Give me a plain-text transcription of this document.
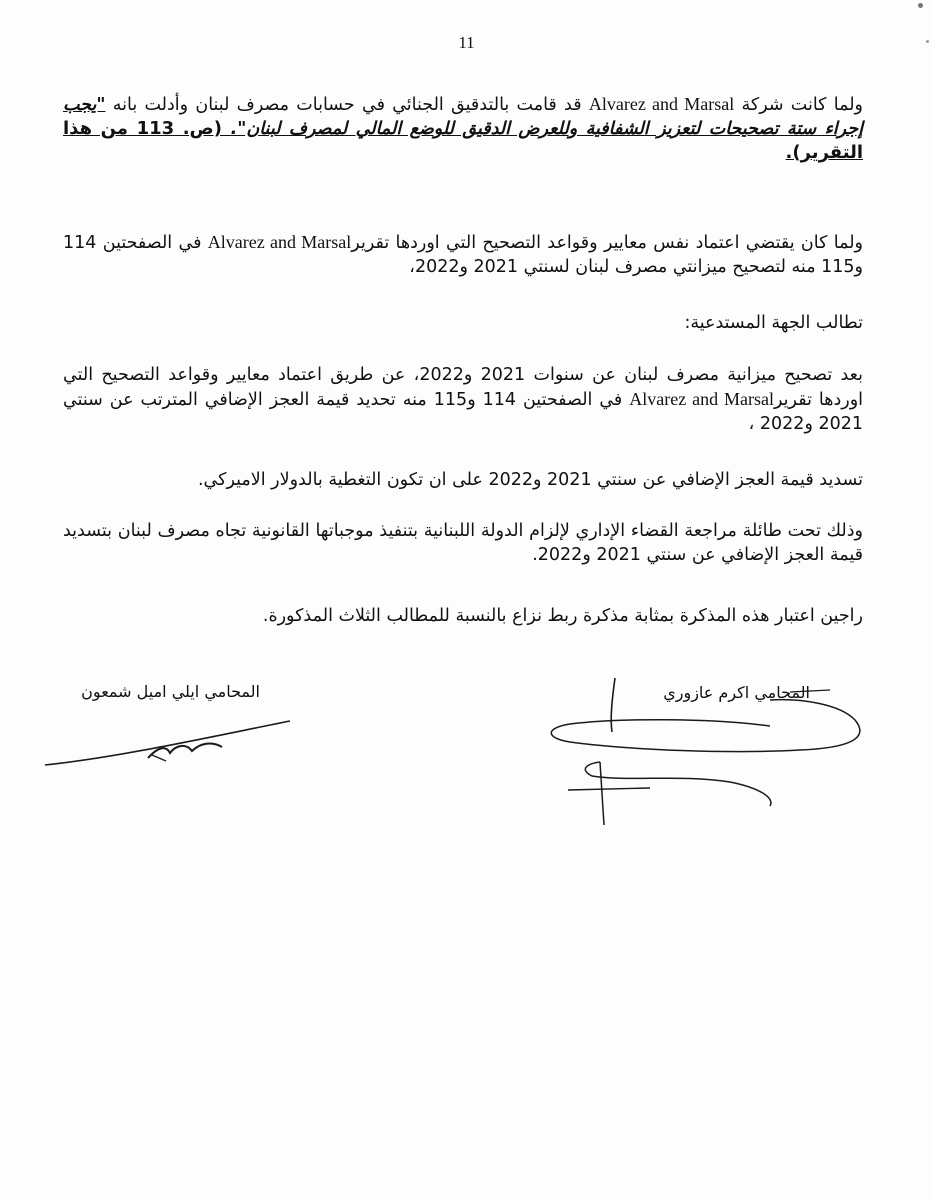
11

ولما كانت شركة Alvarez and Marsal قد قامت بالتدقيق الجنائي في حسابات مصرف لبنان وأدلت بانه "يجب إجراء ستة تصحيحات لتعزيز الشفافية وللعرض الدقيق للوضع المالي لمصرف لبنان". (ص. 113 من هذا التقرير).

ولما كان يقتضي اعتماد نفس معايير وقواعد التصحيح التي اوردها تقريرAlvarez and Marsal في الصفحتين 114 و115 منه لتصحيح ميزانتي مصرف لبنان لسنتي 2021 و2022،

تطالب الجهة المستدعية:

بعد تصحيح ميزانية مصرف لبنان عن سنوات 2021 و2022، عن طريق اعتماد معايير وقواعد التصحيح التي اوردها تقريرAlvarez and Marsal في الصفحتين 114 و115 منه تحديد قيمة العجز الإضافي المترتب عن سنتي 2021 و2022 ،

تسديد قيمة العجز الإضافي عن سنتي 2021 و2022 على ان تكون التغطية بالدولار الاميركي.

وذلك تحت طائلة مراجعة القضاء الإداري لإلزام الدولة اللبنانية بتنفيذ موجباتها القانونية تجاه مصرف لبنان بتسديد قيمة العجز الإضافي عن سنتي 2021 و2022.

راجين اعتبار هذه المذكرة بمثابة مذكرة ربط نزاع بالنسبة للمطالب الثلاث المذكورة.

المحامي ايلي اميل شمعون	المحامي اكرم عازوري
